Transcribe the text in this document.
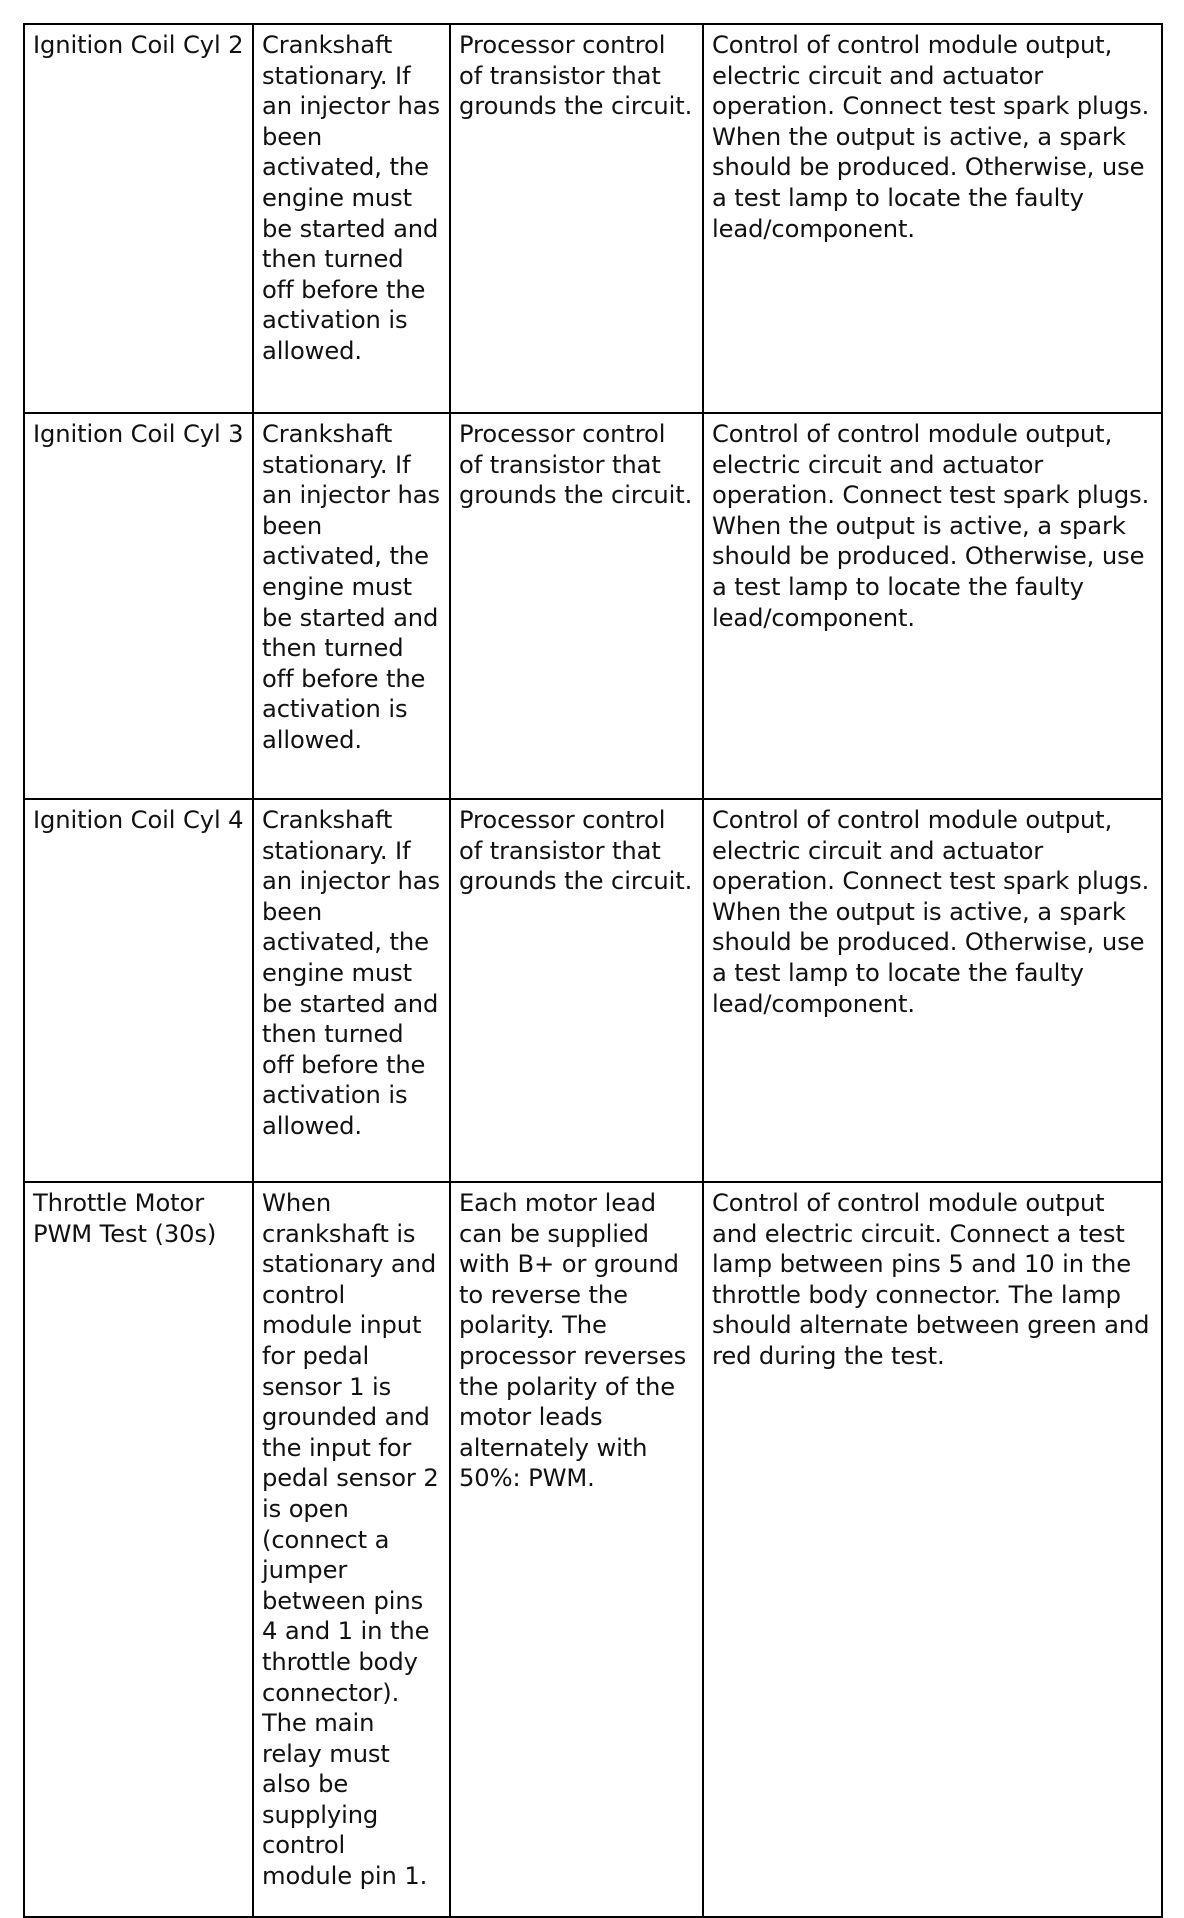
Ignition Coil Cyl 2	Crankshaft stationary. If an injector has been activated, the engine must be started and then turned off before the activation is allowed.	Processor control of transistor that grounds the circuit.	Control of control module output, electric circuit and actuator operation. Connect test spark plugs. When the output is active, a spark should be produced. Otherwise, use a test lamp to locate the faulty lead/component.
Ignition Coil Cyl 3	Crankshaft stationary. If an injector has been activated, the engine must be started and then turned off before the activation is allowed.	Processor control of transistor that grounds the circuit.	Control of control module output, electric circuit and actuator operation. Connect test spark plugs. When the output is active, a spark should be produced. Otherwise, use a test lamp to locate the faulty lead/component.
Ignition Coil Cyl 4	Crankshaft stationary. If an injector has been activated, the engine must be started and then turned off before the activation is allowed.	Processor control of transistor that grounds the circuit.	Control of control module output, electric circuit and actuator operation. Connect test spark plugs. When the output is active, a spark should be produced. Otherwise, use a test lamp to locate the faulty lead/component.
Throttle Motor PWM Test (30s)	When crankshaft is stationary and control module input for pedal sensor 1 is grounded and the input for pedal sensor 2 is open (connect a jumper between pins 4 and 1 in the throttle body connector). The main relay must also be supplying control module pin 1.	Each motor lead can be supplied with B+ or ground to reverse the polarity. The processor reverses the polarity of the motor leads alternately with 50%: PWM.	Control of control module output and electric circuit. Connect a test lamp between pins 5 and 10 in the throttle body connector. The lamp should alternate between green and red during the test.
